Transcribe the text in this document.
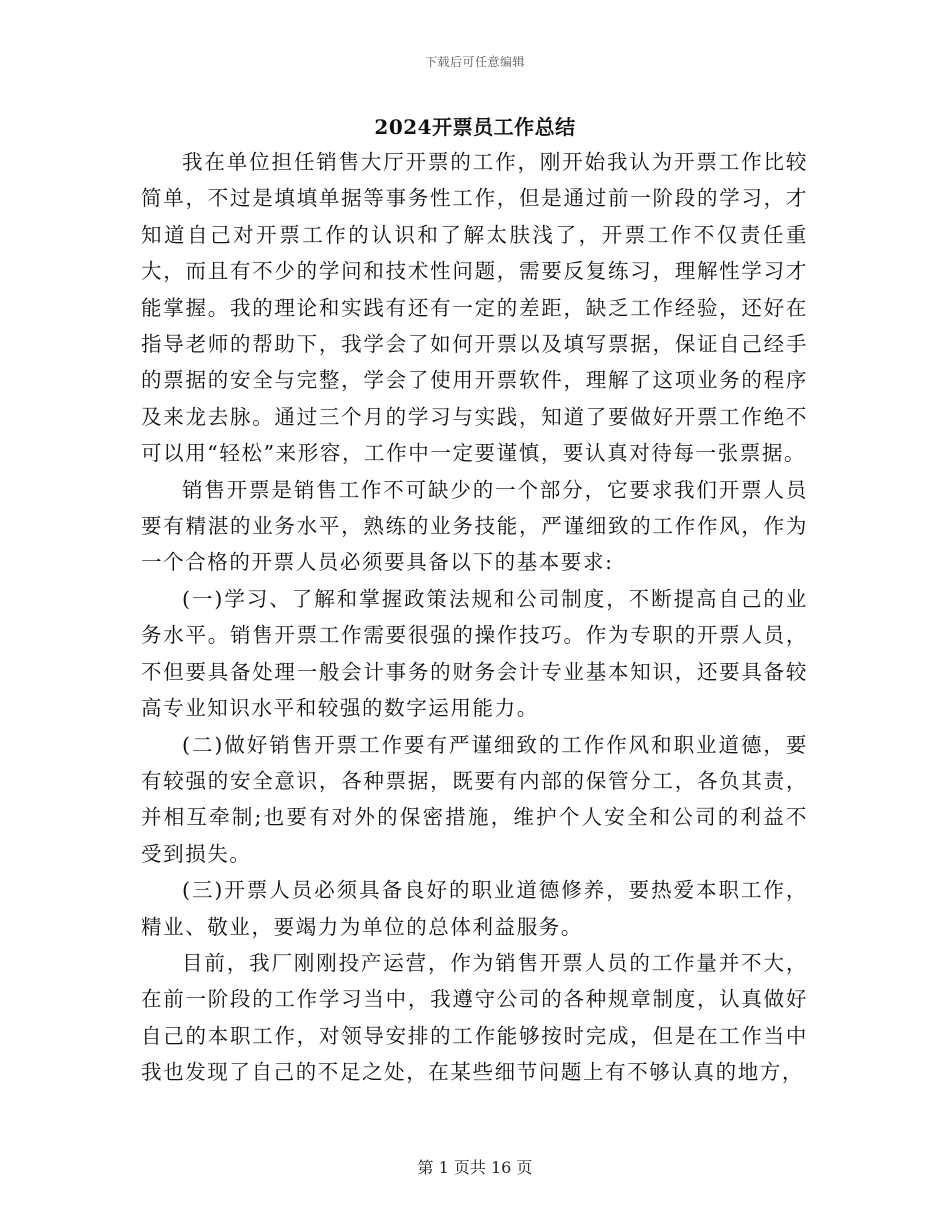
下载后可任意编辑
2024开票员工作总结

我在单位担任销售大厅开票的工作，刚开始我认为开票工作比较简单，不过是填填单据等事务性工作，但是通过前一阶段的学习，才知道自己对开票工作的认识和了解太肤浅了，开票工作不仅责任重大，而且有不少的学问和技术性问题，需要反复练习，理解性学习才能掌握。我的理论和实践有还有一定的差距，缺乏工作经验，还好在指导老师的帮助下，我学会了如何开票以及填写票据，保证自己经手的票据的安全与完整，学会了使用开票软件，理解了这项业务的程序及来龙去脉。通过三个月的学习与实践，知道了要做好开票工作绝不可以用“轻松”来形容，工作中一定要谨慎，要认真对待每一张票据。

销售开票是销售工作不可缺少的一个部分，它要求我们开票人员要有精湛的业务水平，熟练的业务技能，严谨细致的工作作风，作为一个合格的开票人员必须要具备以下的基本要求:

(一)学习、了解和掌握政策法规和公司制度，不断提高自己的业务水平。销售开票工作需要很强的操作技巧。作为专职的开票人员，不但要具备处理一般会计事务的财务会计专业基本知识，还要具备较高专业知识水平和较强的数字运用能力。

(二)做好销售开票工作要有严谨细致的工作作风和职业道德，要有较强的安全意识，各种票据，既要有内部的保管分工，各负其责，并相互牵制;也要有对外的保密措施，维护个人安全和公司的利益不受到损失。

(三)开票人员必须具备良好的职业道德修养，要热爱本职工作，精业、敬业，要竭力为单位的总体利益服务。

目前，我厂刚刚投产运营，作为销售开票人员的工作量并不大，在前一阶段的工作学习当中，我遵守公司的各种规章制度，认真做好自己的本职工作，对领导安排的工作能够按时完成，但是在工作当中我也发现了自己的不足之处，在某些细节问题上有不够认真的地方，

第 1 页共 16 页
